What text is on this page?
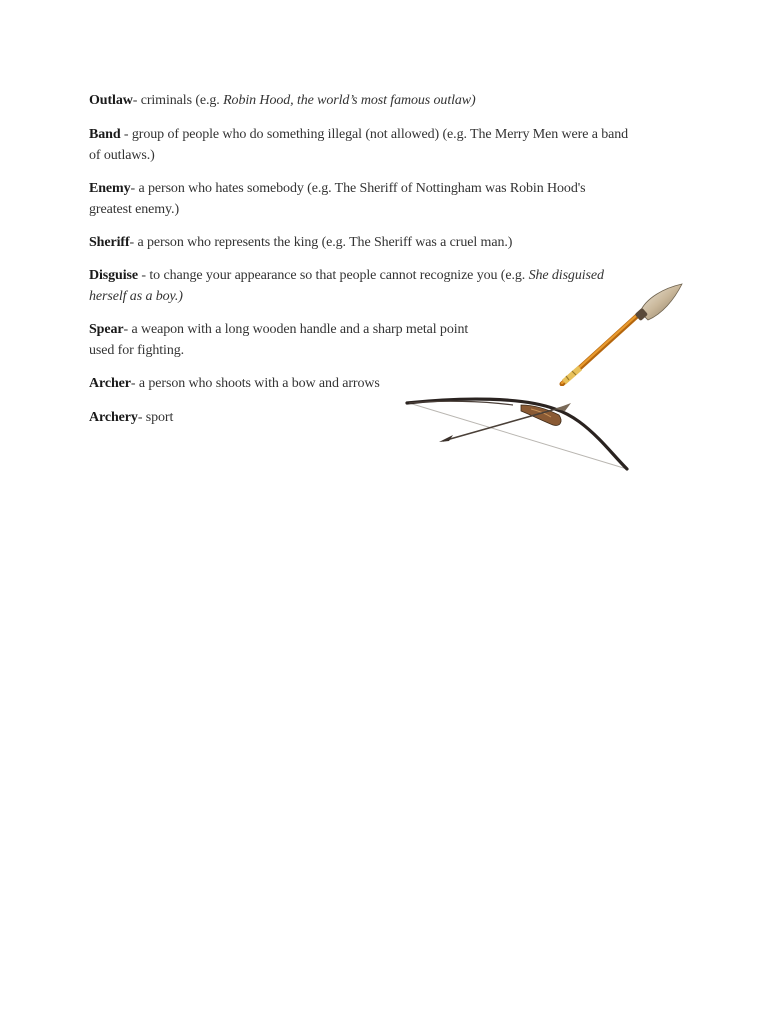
Outlaw- criminals (e.g. Robin Hood, the world’s most famous outlaw)
Band - group of people who do something illegal (not allowed) (e.g. The Merry Men were a band
of outlaws.)
Enemy- a person who hates somebody (e.g. The Sheriff of Nottingham was Robin Hood's
greatest enemy.)
Sheriff- a person who represents the king (e.g. The Sheriff was a cruel man.)
Disguise - to change your appearance so that people cannot recognize you (e.g. She disguised
herself as a boy.)
Spear- a weapon with a long wooden handle and a sharp metal point
used for fighting.
Archer- a person who shoots with a bow and arrows
Archery- sport
